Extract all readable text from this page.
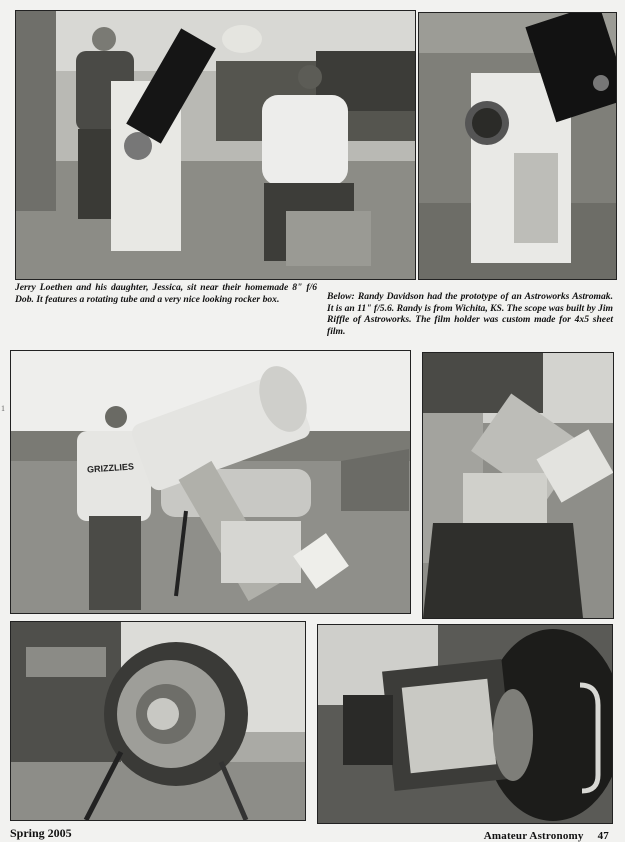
Jerry Loethen and his daughter, Jessica, sit near their homemade 8" f/6 Dob. It features a rotating tube and a very nice looking rocker box.	Below: Randy Davidson had the prototype of an Astroworks Astromak. It is an 11" f/5.6. Randy is from Wichita, KS. The scope was built by Jim Riffle of Astroworks. The film holder was custom made for 4x5 sheet film.

1
GRIZZLIES
Spring 2005	Amateur Astronomy 47
